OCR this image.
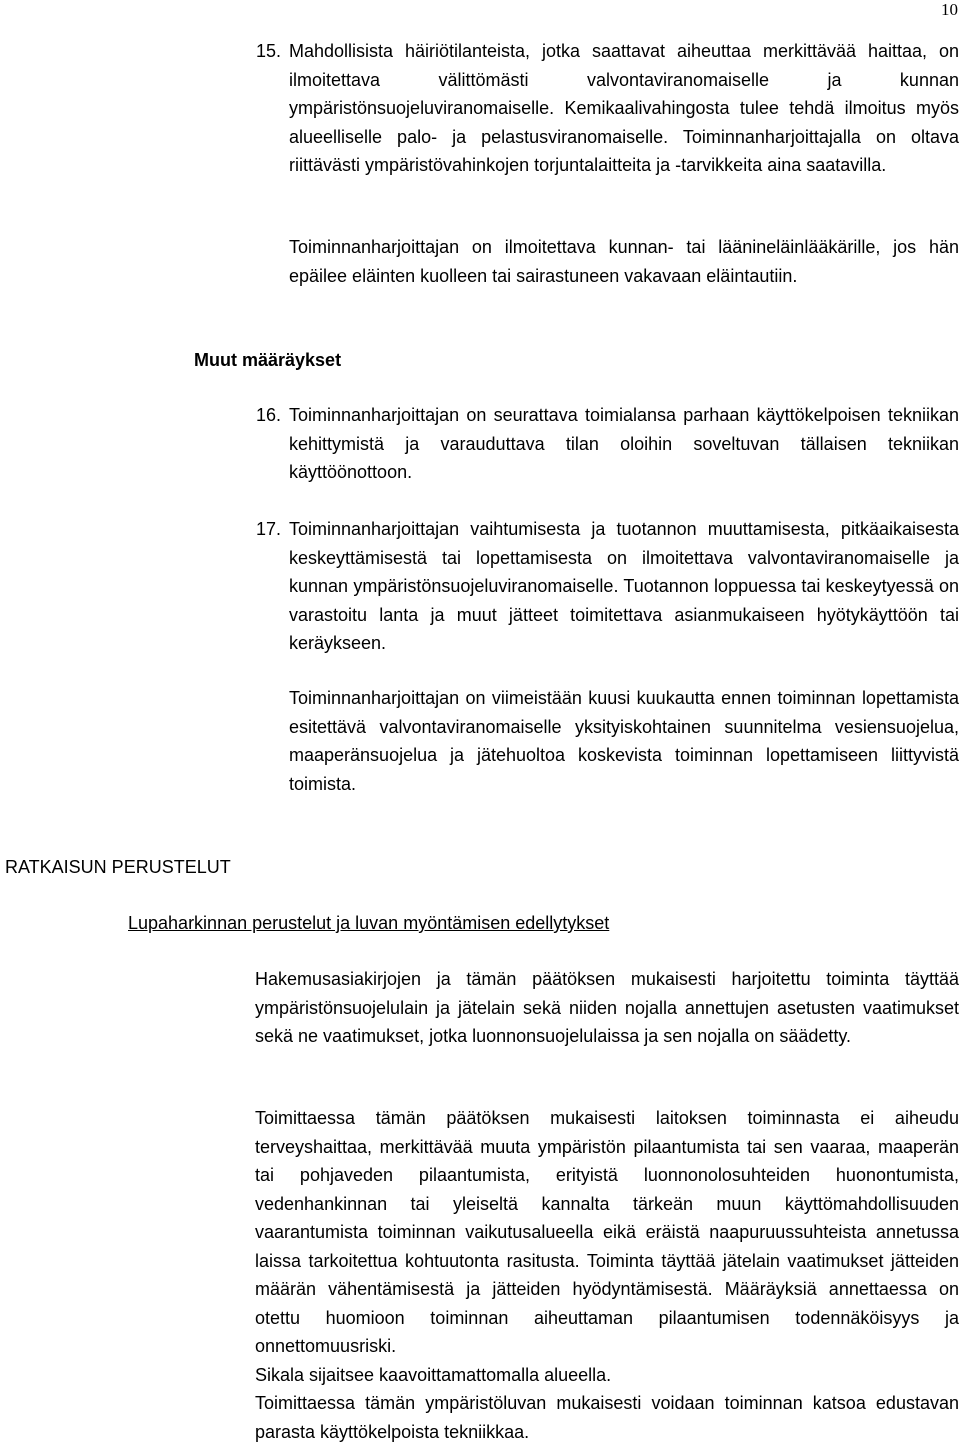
10
15. Mahdollisista häiriötilanteista, jotka saattavat aiheuttaa merkittävää haittaa, on ilmoitettava välittömästi valvontaviranomaiselle ja kunnan ympäristönsuojeluviranomaiselle. Kemikaalivahingosta tulee tehdä ilmoitus myös alueelliselle palo- ja pelastusviranomaiselle. Toiminnanharjoittajalla on oltava riittävästi ympäristövahinkojen torjuntalaitteita ja -tarvikkeita aina saatavilla.
Toiminnanharjoittajan on ilmoitettava kunnan- tai läänineläinlääkärille, jos hän epäilee eläinten kuolleen tai sairastuneen vakavaan eläintautiin.
Muut määräykset
16. Toiminnanharjoittajan on seurattava toimialansa parhaan käyttökelpoisen tekniikan kehittymistä ja varauduttava tilan oloihin soveltuvan tällaisen tekniikan käyttöönottoon.
17. Toiminnanharjoittajan vaihtumisesta ja tuotannon muuttamisesta, pitkäaikaisesta keskeyttämisestä tai lopettamisesta on ilmoitettava valvontaviranomaiselle ja kunnan ympäristönsuojeluviranomaiselle. Tuotannon loppuessa tai keskeytyessä on varastoitu lanta ja muut jätteet toimitettava asianmukaiseen hyötykäyttöön tai keräykseen.
Toiminnanharjoittajan on viimeistään kuusi kuukautta ennen toiminnan lopettamista esitettävä valvontaviranomaiselle yksityiskohtainen suunnitelma vesiensuojelua, maaperänsuojelua ja jätehuoltoa koskevista toiminnan lopettamiseen liittyvistä toimista.
RATKAISUN PERUSTELUT
Lupaharkinnan perustelut ja luvan myöntämisen edellytykset
Hakemusasiakirjojen ja tämän päätöksen mukaisesti harjoitettu toiminta täyttää ympäristönsuojelulain ja jätelain sekä niiden nojalla annettujen asetusten vaatimukset sekä ne vaatimukset, jotka luonnonsuojelulaissa ja sen nojalla on säädetty.
Toimittaessa tämän päätöksen mukaisesti laitoksen toiminnasta ei aiheudu terveyshaittaa, merkittävää muuta ympäristön pilaantumista tai sen vaaraa, maaperän tai pohjaveden pilaantumista, erityistä luonnonolosuhteiden huonontumista, vedenhankinnan tai yleiseltä kannalta tärkeän muun käyttömahdollisuuden vaarantumista toiminnan vaikutusalueella eikä eräistä naapuruussuhteista annetussa laissa tarkoitettua kohtuutonta rasitusta. Toiminta täyttää jätelain vaatimukset jätteiden määrän vähentämisestä ja jätteiden hyödyntämisestä. Määräyksiä annettaessa on otettu huomioon toiminnan aiheuttaman pilaantumisen todennäköisyys ja onnettomuusriski.
Sikala sijaitsee kaavoittamattomalla alueella.
Toimittaessa tämän ympäristöluvan mukaisesti voidaan toiminnan katsoa edustavan parasta käyttökelpoista tekniikkaa.
